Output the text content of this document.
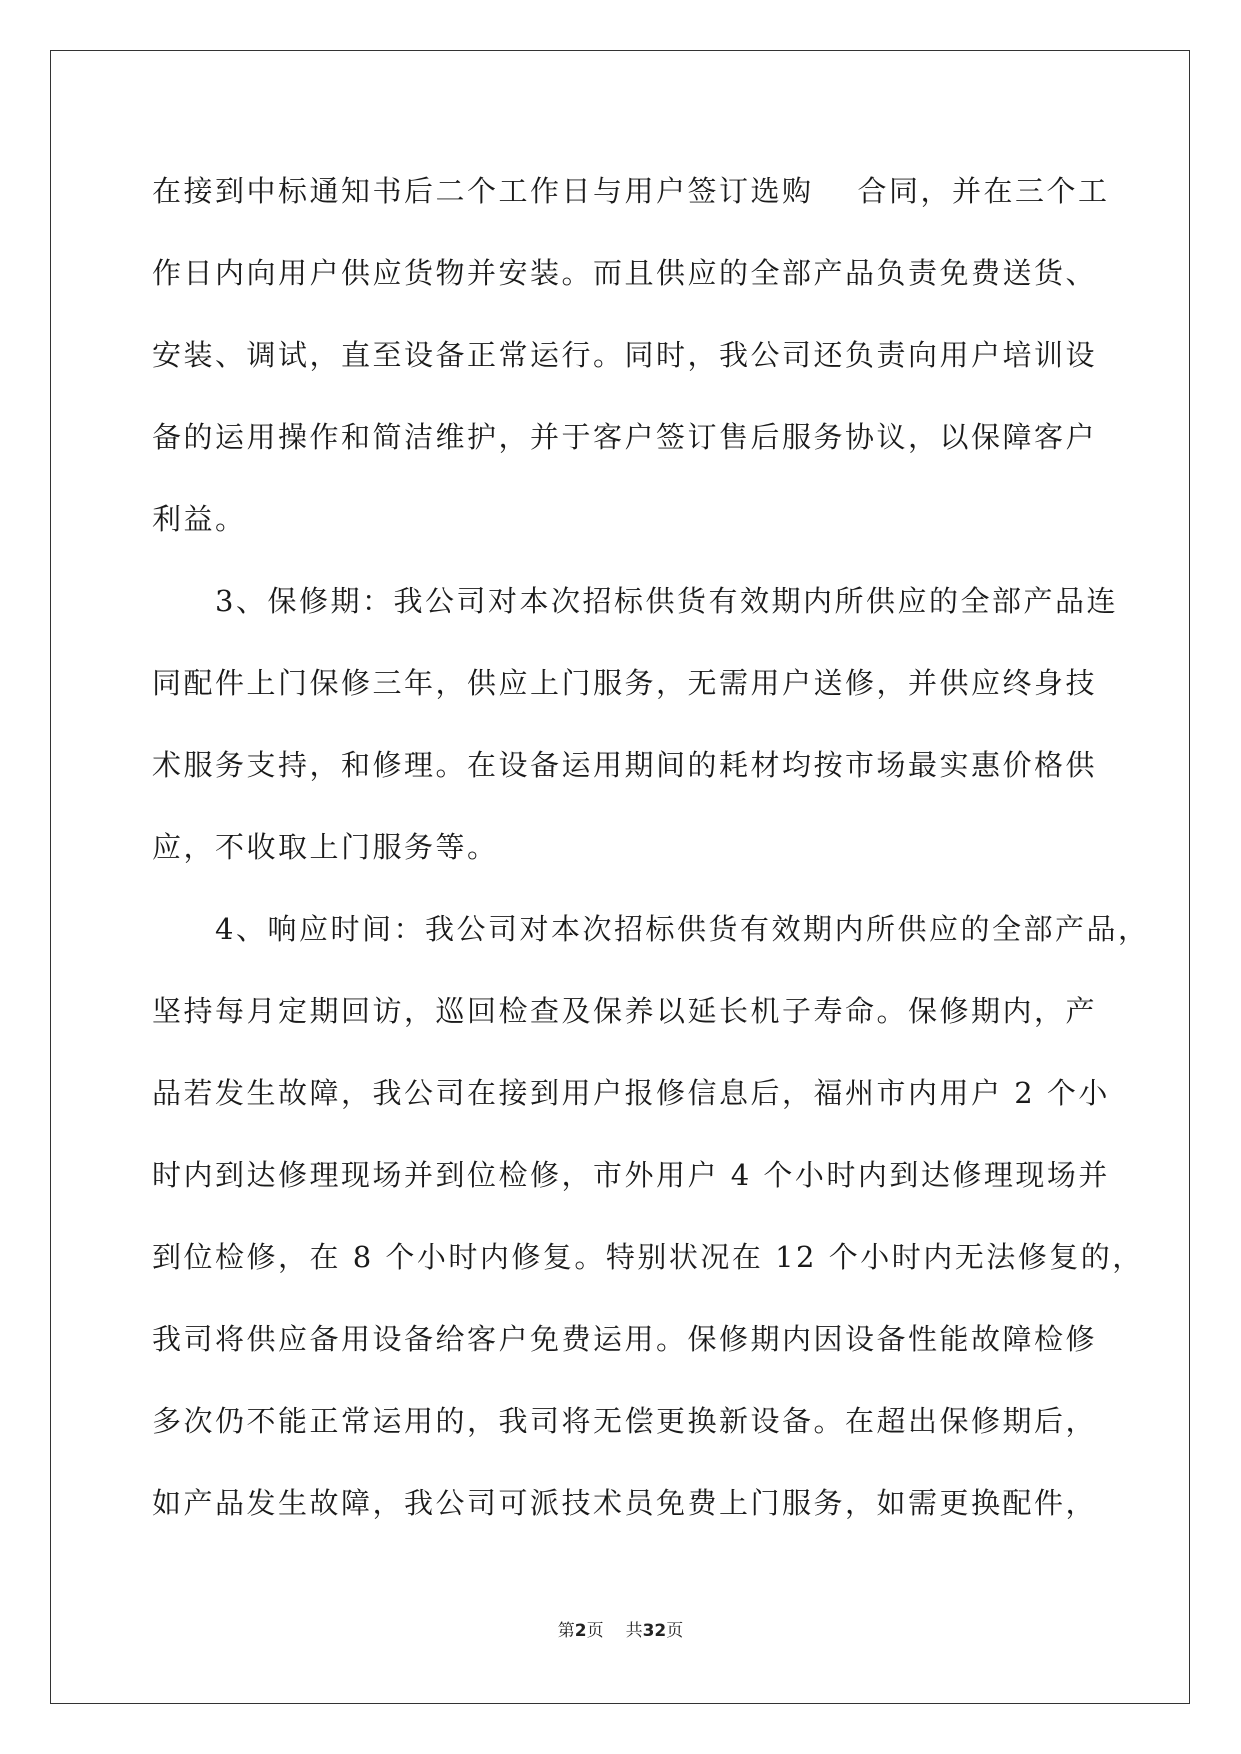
在接到中标通知书后二个工作日与用户签订选购 合同，并在三个工
作日内向用户供应货物并安装。而且供应的全部产品负责免费送货、
安装、调试，直至设备正常运行。同时，我公司还负责向用户培训设
备的运用操作和简洁维护，并于客户签订售后服务协议，以保障客户
利益。
　　3、保修期：我公司对本次招标供货有效期内所供应的全部产品连
同配件上门保修三年，供应上门服务，无需用户送修，并供应终身技
术服务支持，和修理。在设备运用期间的耗材均按市场最实惠价格供
应，不收取上门服务等。
　　4、响应时间：我公司对本次招标供货有效期内所供应的全部产品，
坚持每月定期回访，巡回检查及保养以延长机子寿命。保修期内，产
品若发生故障，我公司在接到用户报修信息后，福州市内用户 2 个小
时内到达修理现场并到位检修，市外用户 4 个小时内到达修理现场并
到位检修，在 8 个小时内修复。特别状况在 12 个小时内无法修复的，
我司将供应备用设备给客户免费运用。保修期内因设备性能故障检修
多次仍不能正常运用的，我司将无偿更换新设备。在超出保修期后，
如产品发生故障，我公司可派技术员免费上门服务，如需更换配件，
第2页 共32页
